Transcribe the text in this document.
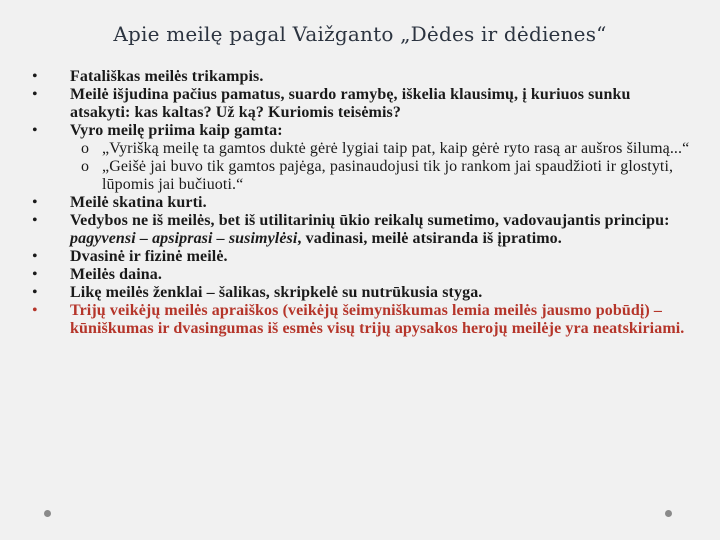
Apie meilę pagal Vaižganto „Dėdes ir dėdienes“
• Fatališkas meilės trikampis.
• Meilė išjudina pačius pamatus, suardo ramybę, iškelia klausimų, į kuriuos sunku atsakyti: kas kaltas? Už ką? Kuriomis teisėmis?
• Vyro meilę priima kaip gamta:
o „Vyrišką meilę ta gamtos duktė gėrė lygiai taip pat, kaip gėrė ryto rasą ar aušros šilumą...“
o „Geišė jai buvo tik gamtos pajėga, pasinaudojusi tik jo rankom jai spaudžioti ir glostyti, lūpomis jai bučiuoti.“
• Meilė skatina kurti.
• Vedybos ne iš meilės, bet iš utilitarinių ūkio reikalų sumetimo, vadovaujantis principu: pagyvensi – apsiprasi – susimylėsi, vadinasi, meilė atsiranda iš įpratimo.
• Dvasinė ir fizinė meilė.
• Meilės daina.
• Likę meilės ženklai – šalikas, skripkelė su nutrūkusia styga.
• Trijų veikėjų meilės apraiškos (veikėjų šeimyniškumas lemia meilės jausmo pobūdį) – kūniškumas ir dvasingumas iš esmės visų trijų apysakos herojų meilėje yra neatskiriami.
